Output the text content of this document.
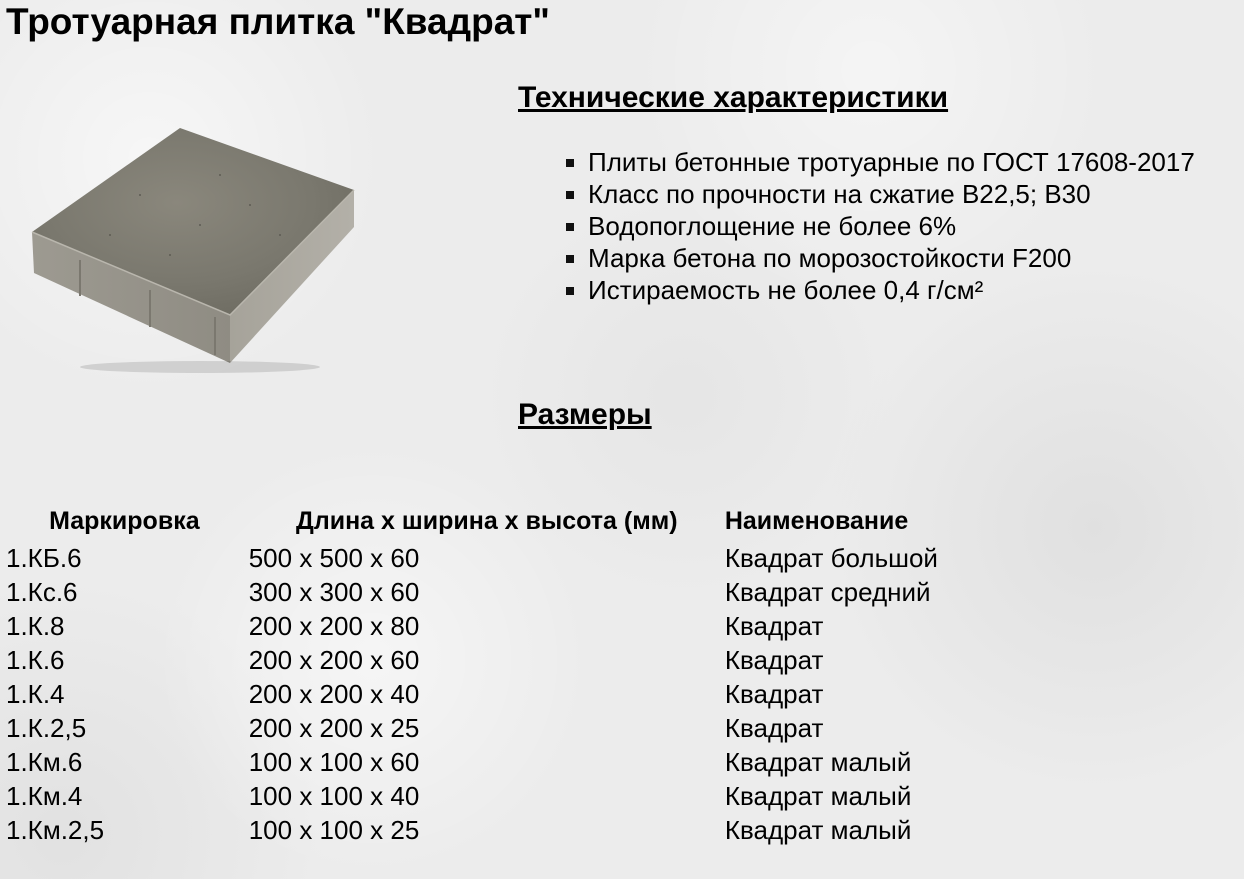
Тротуарная плитка "Квадрат"
Технические характеристики
Плиты бетонные тротуарные по ГОСТ 17608-2017
Класс по прочности на сжатие В22,5; В30
Водопоглощение не более 6%
Марка бетона по морозостойкости F200
Истираемость не более 0,4 г/см²
Размеры
Маркировка	Длина х ширина х высота (мм)	Наименование
1.КБ.6	500 х 500 х 60	Квадрат большой
1.Кс.6	300 х 300 х 60	Квадрат средний
1.К.8	200 х 200 х 80	Квадрат
1.К.6	200 х 200 х 60	Квадрат
1.К.4	200 х 200 х 40	Квадрат
1.К.2,5	200 х 200 х 25	Квадрат
1.Км.6	100 х 100 х 60	Квадрат малый
1.Км.4	100 х 100 х 40	Квадрат малый
1.Км.2,5	100 х 100 х 25	Квадрат малый
